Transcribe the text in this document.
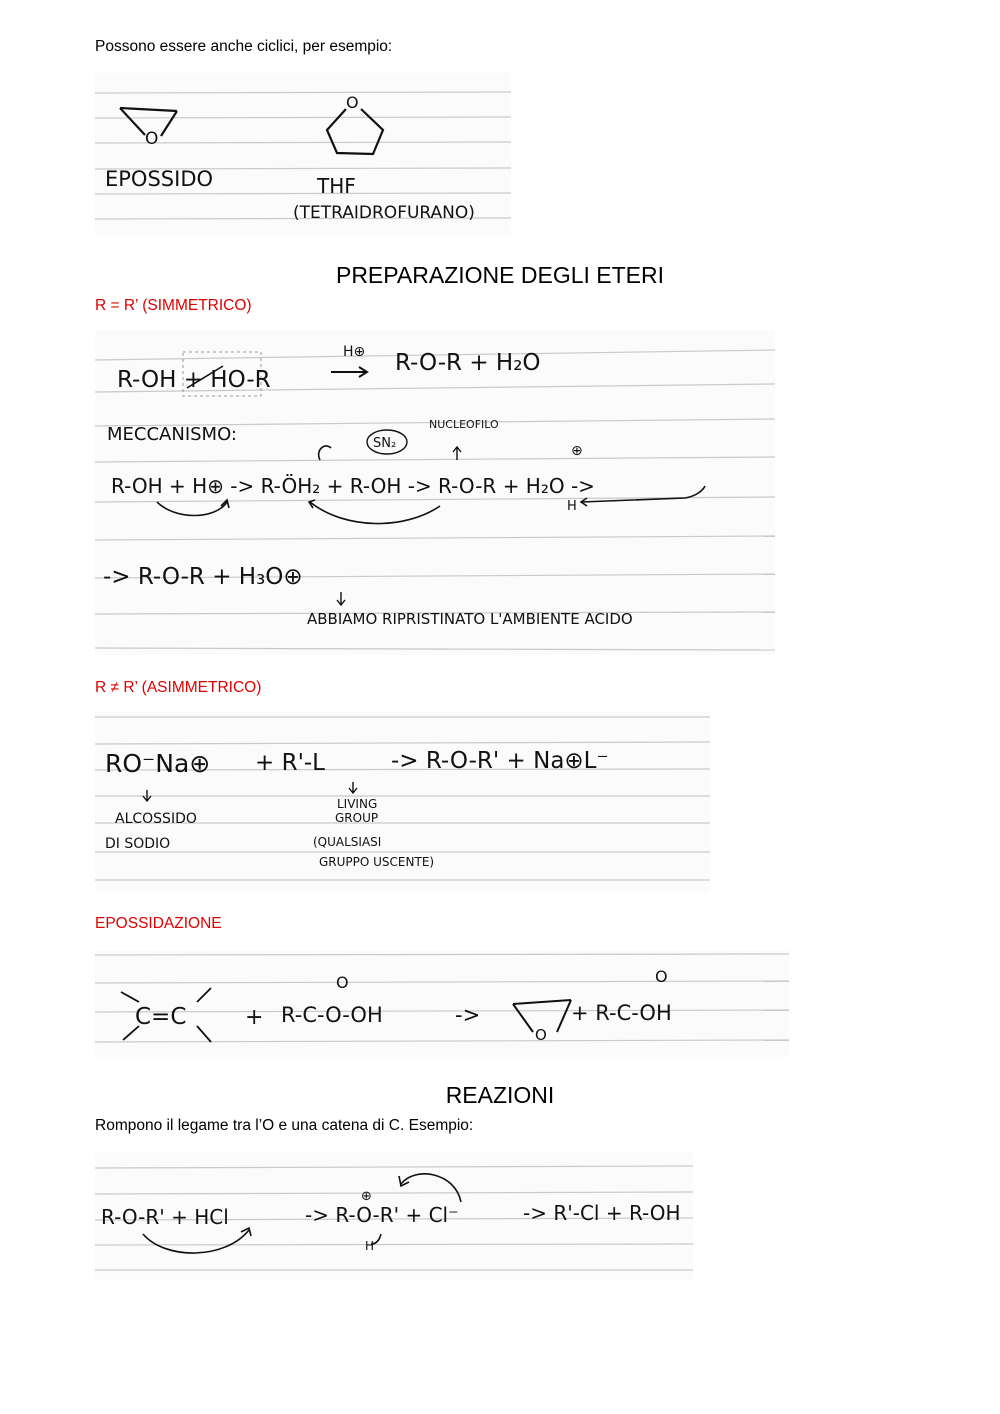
Possono essere anche ciclici, per esempio:
O
EPOSSIDO
O
THF
(TETRAIDROFURANO)
PREPARAZIONE DEGLI ETERI
R = R’ (SIMMETRICO)
R-OH + HO-R
H⊕ R-O-R + H₂O
MECCANISMO:	SN₂
NUCLEOFILO
R-OH + H⊕ -> R-ÖH₂ + R-OH -> R-O-R + H₂O ->
⊕
H
-> R-O-R + H₃O⊕
ABBIAMO RIPRISTINATO L'AMBIENTE ACIDO
R ≠ R’ (ASIMMETRICO)
RO⁻Na⊕ + R'-L	-> R-O-R' + Na⊕L⁻
ALCOSSIDO
DI SODIO
LIVING
GROUP
(QUALSIASI
GRUPPO USCENTE)
EPOSSIDAZIONE
C=C	+
O
R-C-O-OH	->
O
O
+ R-C-OH
REAZIONI
Rompono il legame tra l’O e una catena di C. Esempio:
R-O-R' + HCl	-> R-O-R' + Cl⁻	-> R'-Cl + R-OH
⊕
H
